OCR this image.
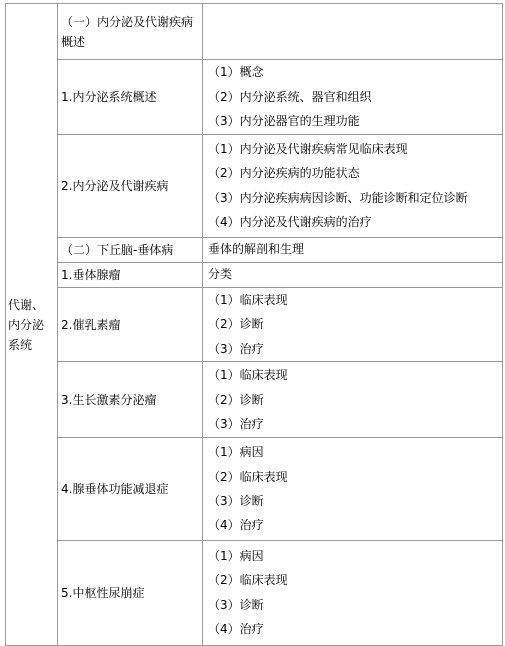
代谢、内分泌系统	（一）内分泌及代谢疾病概述	

	1.内分泌系统概述	（1）概念
（2）内分泌系统、器官和组织
（3）内分泌器官的生理功能

	2.内分泌及代谢疾病	（1）内分泌及代谢疾病常见临床表现
（2）内分泌疾病的功能状态
（3）内分泌疾病病因诊断、功能诊断和定位诊断
（4）内分泌及代谢疾病的治疗

	（二）下丘脑-垂体病	垂体的解剖和生理

	1.垂体腺瘤	分类

	2.催乳素瘤	（1）临床表现
（2）诊断
（3）治疗

	3.生长激素分泌瘤	（1）临床表现
（2）诊断
（3）治疗

	4.腺垂体功能减退症	（1）病因
（2）临床表现
（3）诊断
（4）治疗

	5.中枢性尿崩症	（1）病因
（2）临床表现
（3）诊断
（4）治疗
